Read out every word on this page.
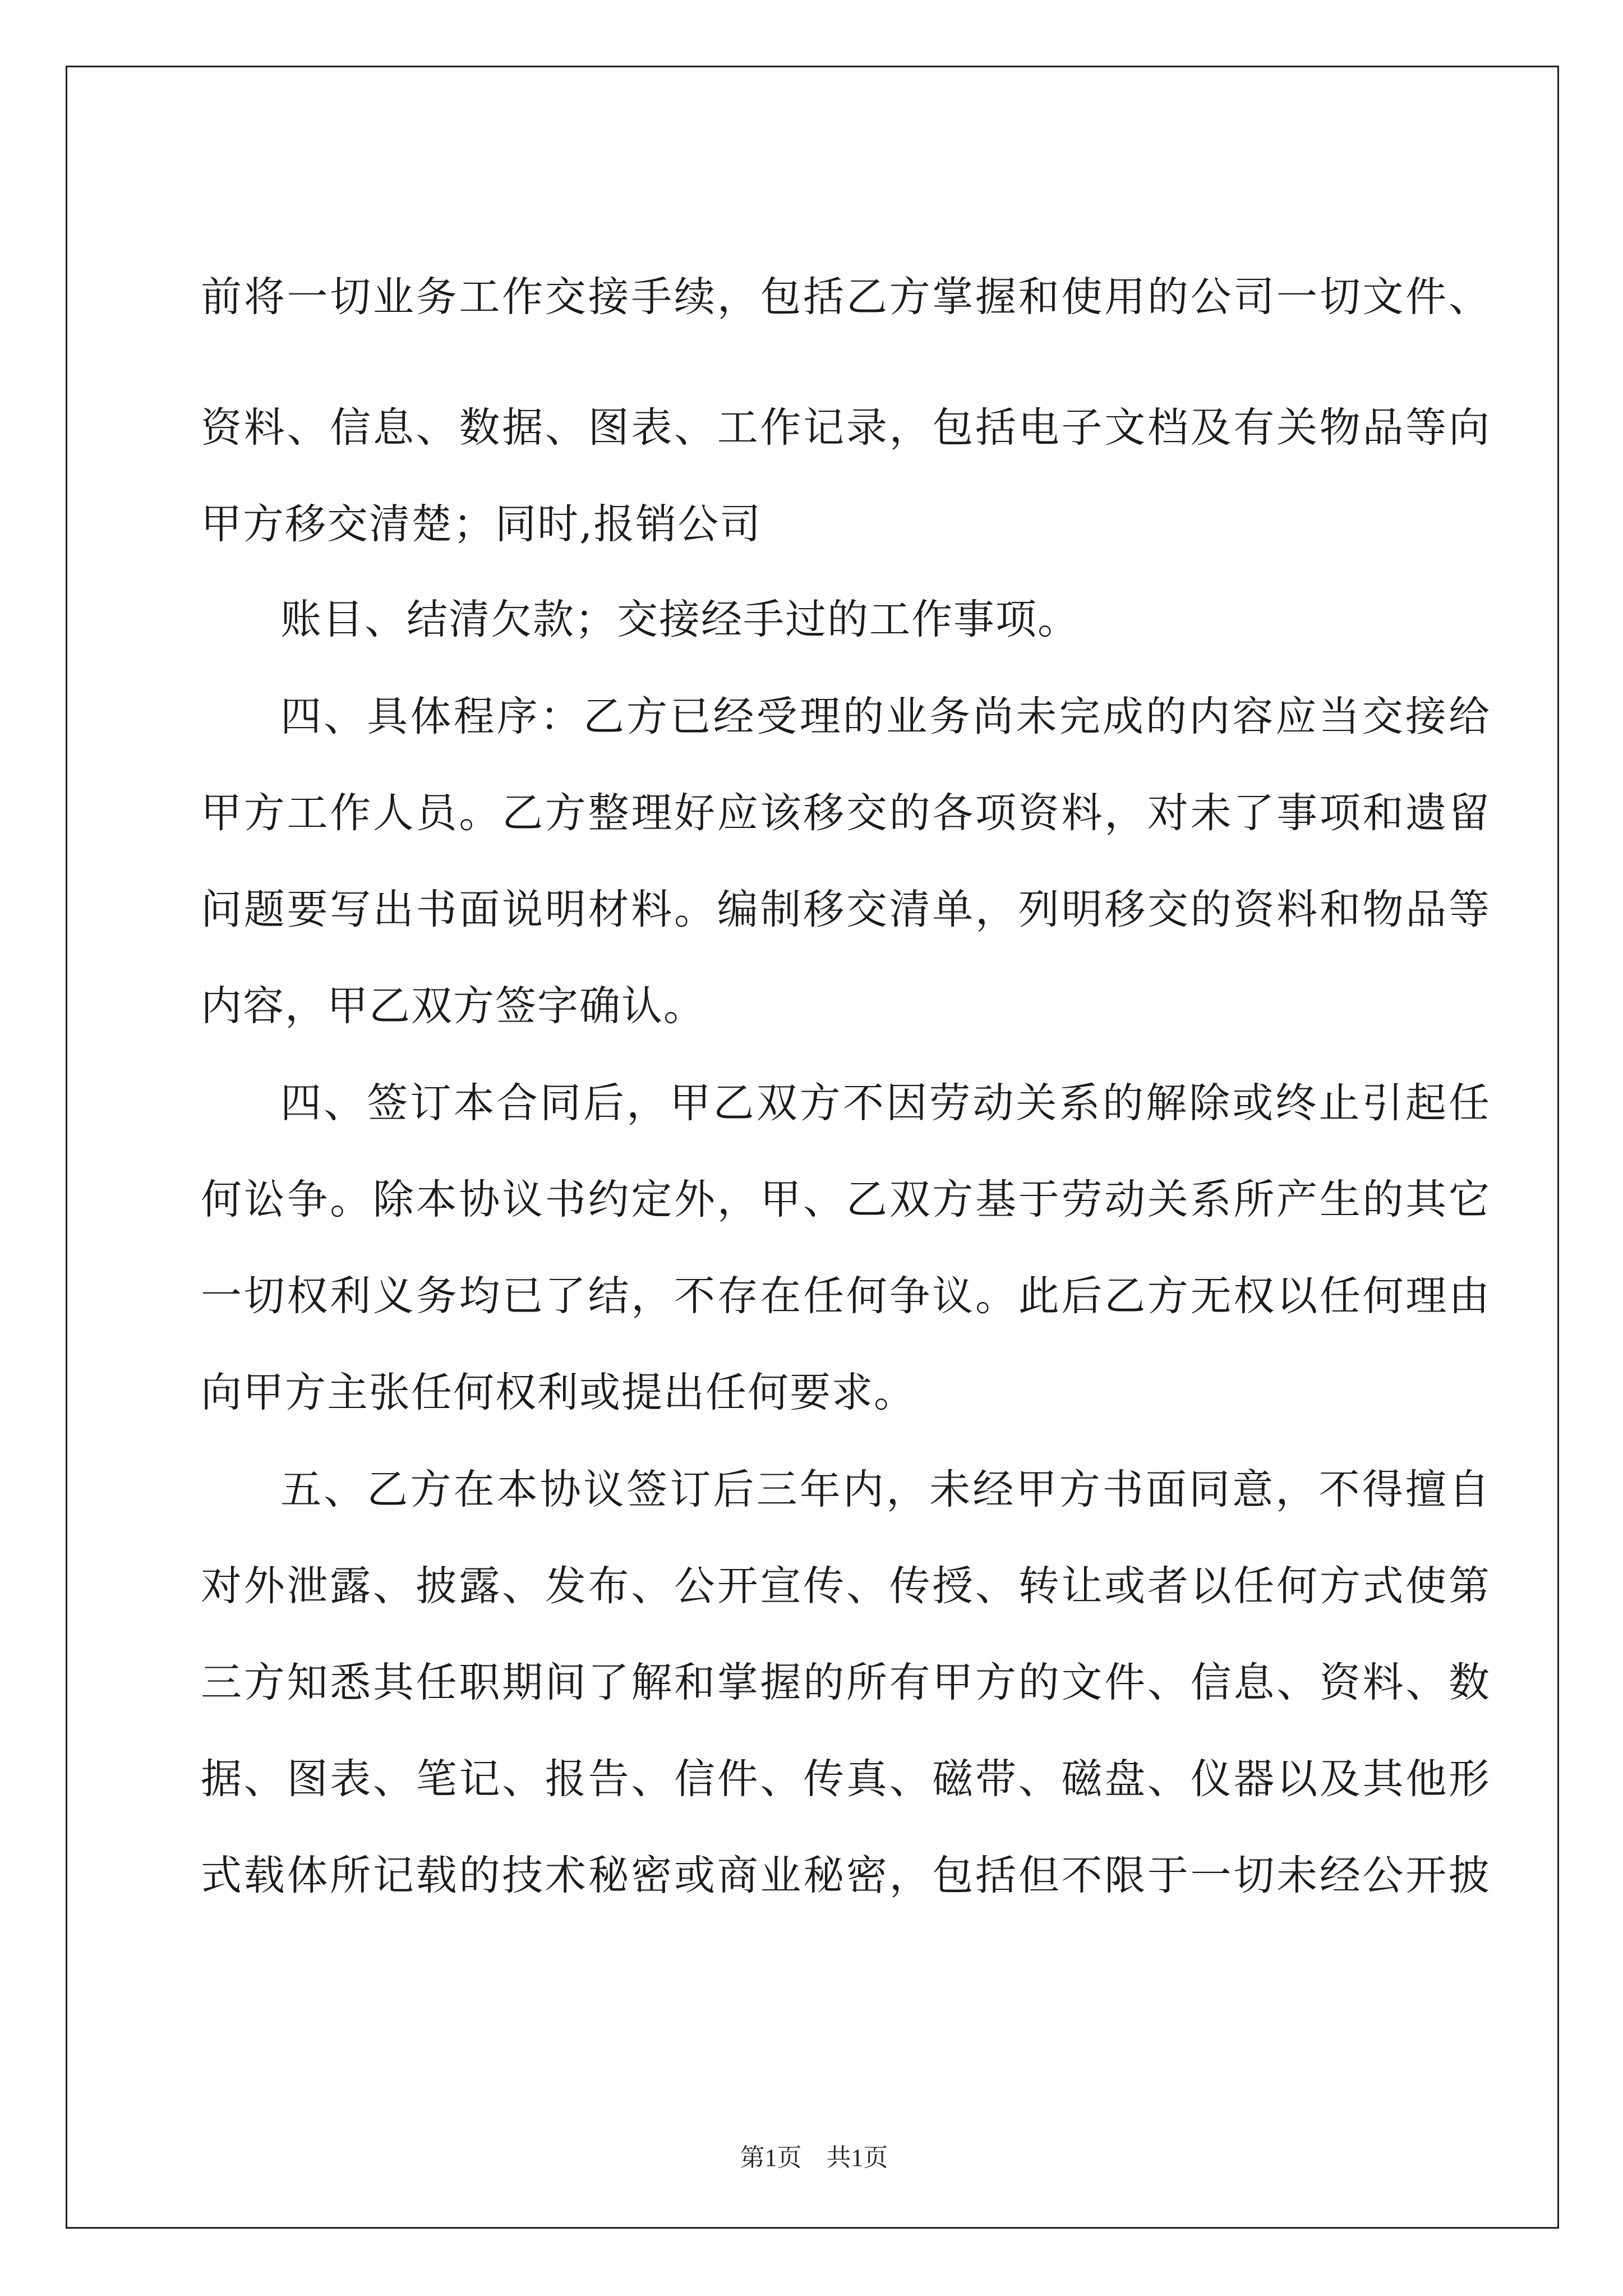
前将一切业务工作交接手续，包括乙方掌握和使用的公司一切文件、
资料、信息、数据、图表、工作记录，包括电子文档及有关物品等向
甲方移交清楚；同时,报销公司
账目、结清欠款；交接经手过的工作事项。
四、具体程序：乙方已经受理的业务尚未完成的内容应当交接给
甲方工作人员。乙方整理好应该移交的各项资料，对未了事项和遗留
问题要写出书面说明材料。编制移交清单，列明移交的资料和物品等
内容，甲乙双方签字确认。
四、签订本合同后，甲乙双方不因劳动关系的解除或终止引起任
何讼争。除本协议书约定外，甲、乙双方基于劳动关系所产生的其它
一切权利义务均已了结，不存在任何争议。此后乙方无权以任何理由
向甲方主张任何权利或提出任何要求。
五、乙方在本协议签订后三年内，未经甲方书面同意，不得擅自
对外泄露、披露、发布、公开宣传、传授、转让或者以任何方式使第
三方知悉其任职期间了解和掌握的所有甲方的文件、信息、资料、数
据、图表、笔记、报告、信件、传真、磁带、磁盘、仪器以及其他形
式载体所记载的技术秘密或商业秘密，包括但不限于一切未经公开披
第1页　共1页
